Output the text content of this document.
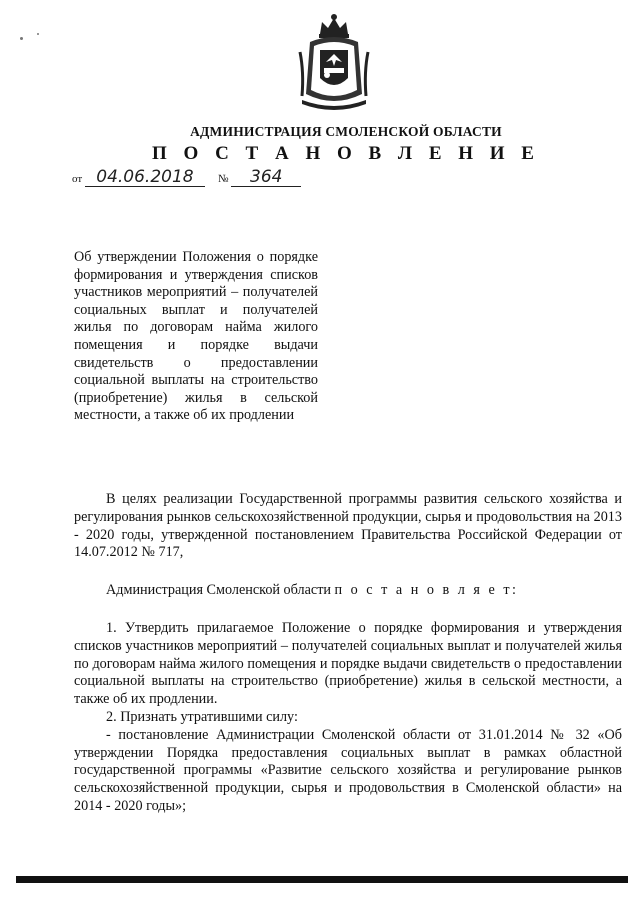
АДМИНИСТРАЦИЯ СМОЛЕНСКОЙ ОБЛАСТИ
П О С Т А Н О В Л Е Н И Е
от 04.06.2018	№ 364
Об утверждении Положения о порядке формирования и утверждения списков участников мероприятий – получателей социальных выплат и получателей жилья по договорам найма жилого помещения и порядке выдачи свидетельств о предоставлении социальной выплаты на строительство (приобретение) жилья в сельской местности, а также об их продлении

В целях реализации Государственной программы развития сельского хозяйства и регулирования рынков сельскохозяйственной продукции, сырья и продовольствия на 2013 - 2020 годы, утвержденной постановлением Правительства Российской Федерации от 14.07.2012 № 717,

Администрация Смоленской области п о с т а н о в л я е т:

1. Утвердить прилагаемое Положение о порядке формирования и утверждения списков участников мероприятий – получателей социальных выплат и получателей жилья по договорам найма жилого помещения и порядке выдачи свидетельств о предоставлении социальной выплаты на строительство (приобретение) жилья в сельской местности, а также об их продлении.

2. Признать утратившими силу:

- постановление Администрации Смоленской области от 31.01.2014 № 32 «Об утверждении Порядка предоставления социальных выплат в рамках областной государственной программы «Развитие сельского хозяйства и регулирование рынков сельскохозяйственной продукции, сырья и продовольствия в Смоленской области» на 2014 - 2020 годы»;
